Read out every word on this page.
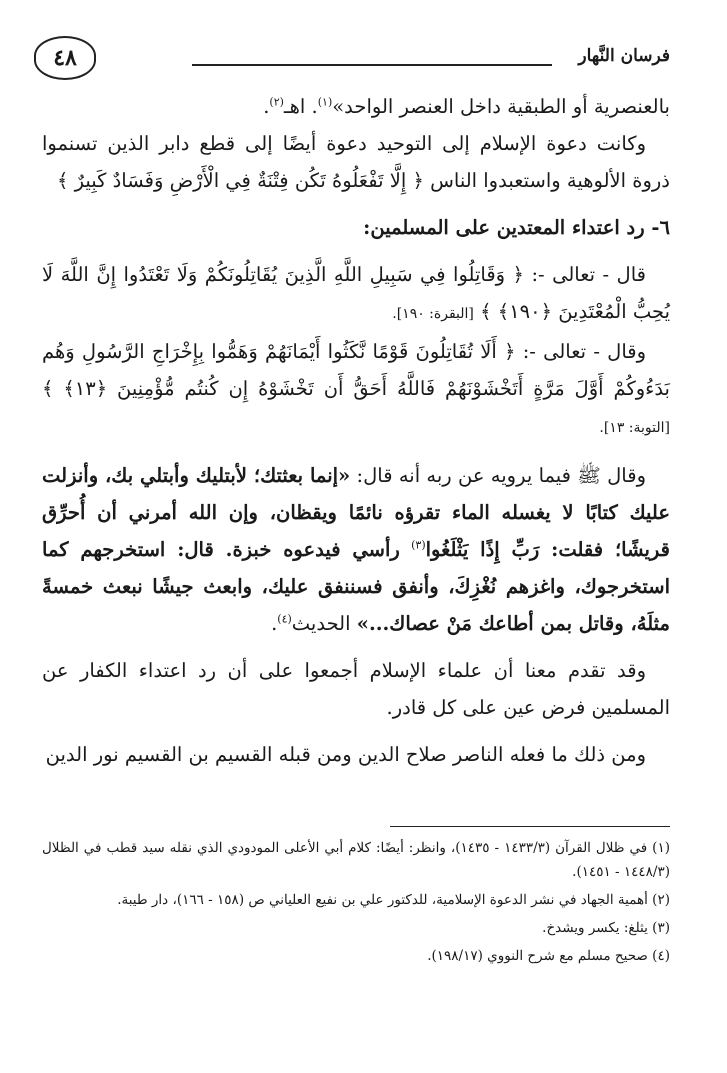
٤٨	فرسان النَّهار

بالعنصرية أو الطبقية داخل العنصر الواحد»$^{(١)}$. اهـ$^{(٢)}$.

وكانت دعوة الإسلام إلى التوحيد دعوة أيضًا إلى قطع دابر الذين تسنموا ذروة الألوهية واستعبدوا الناس ﴿ إِلَّا تَفْعَلُوهُ تَكُن فِتْنَةٌ فِي الْأَرْضِ وَفَسَادٌ كَبِيرٌ ﴾

٦- رد اعتداء المعتدين على المسلمين:

قال - تعالى -: ﴿ وَقَاتِلُوا فِي سَبِيلِ اللَّهِ الَّذِينَ يُقَاتِلُونَكُمْ وَلَا تَعْتَدُوا إِنَّ اللَّهَ لَا يُحِبُّ الْمُعْتَدِينَ ﴿١٩٠﴾ ﴾ [البقرة: ١٩٠].

وقال - تعالى -: ﴿ أَلَا تُقَاتِلُونَ قَوْمًا نَّكَثُوا أَيْمَانَهُمْ وَهَمُّوا بِإِخْرَاجِ الرَّسُولِ وَهُم بَدَءُوكُمْ أَوَّلَ مَرَّةٍ أَتَخْشَوْنَهُمْ فَاللَّهُ أَحَقُّ أَن تَخْشَوْهُ إِن كُنتُم مُّؤْمِنِينَ ﴿١٣﴾ ﴾ [التوبة: ١٣].

وقال ﷺ فيما يرويه عن ربه أنه قال: «إنما بعثتك؛ لأبتليك وأبتلي بك، وأنزلت عليك كتابًا لا يغسله الماء تقرؤه نائمًا ويقظان، وإن الله أمرني أن أُحرِّق قريشًا؛ فقلت: رَبِّ إِذًا يَثْلَغُوا$^{(٣)}$ رأسي فيدعوه خبزة. قال: استخرجهم كما استخرجوك، واغزهم نُغْزِكَ، وأنفق فسننفق عليك، وابعث جيشًا نبعث خمسةً مثلَهُ، وقاتل بمن أطاعك مَنْ عصاك...» الحديث$^{(٤)}$.

وقد تقدم معنا أن علماء الإسلام أجمعوا على أن رد اعتداء الكفار عن المسلمين فرض عين على كل قادر.

ومن ذلك ما فعله الناصر صلاح الدين ومن قبله القسيم بن القسيم نور الدين

(١) في ظلال القرآن (١٤٣٣/٣ - ١٤٣٥)، وانظر: أيضًا: كلام أبي الأعلى المودودي الذي نقله سيد قطب في الظلال (١٤٤٨/٣ - ١٤٥١).

(٢) أهمية الجهاد في نشر الدعوة الإسلامية، للدكتور علي بن نفيع العلياني ص (١٥٨ - ١٦٦)، دار طيبة.

(٣) يثلغ: يكسر ويشدخ.

(٤) صحيح مسلم مع شرح النووي (١٩٨/١٧).
